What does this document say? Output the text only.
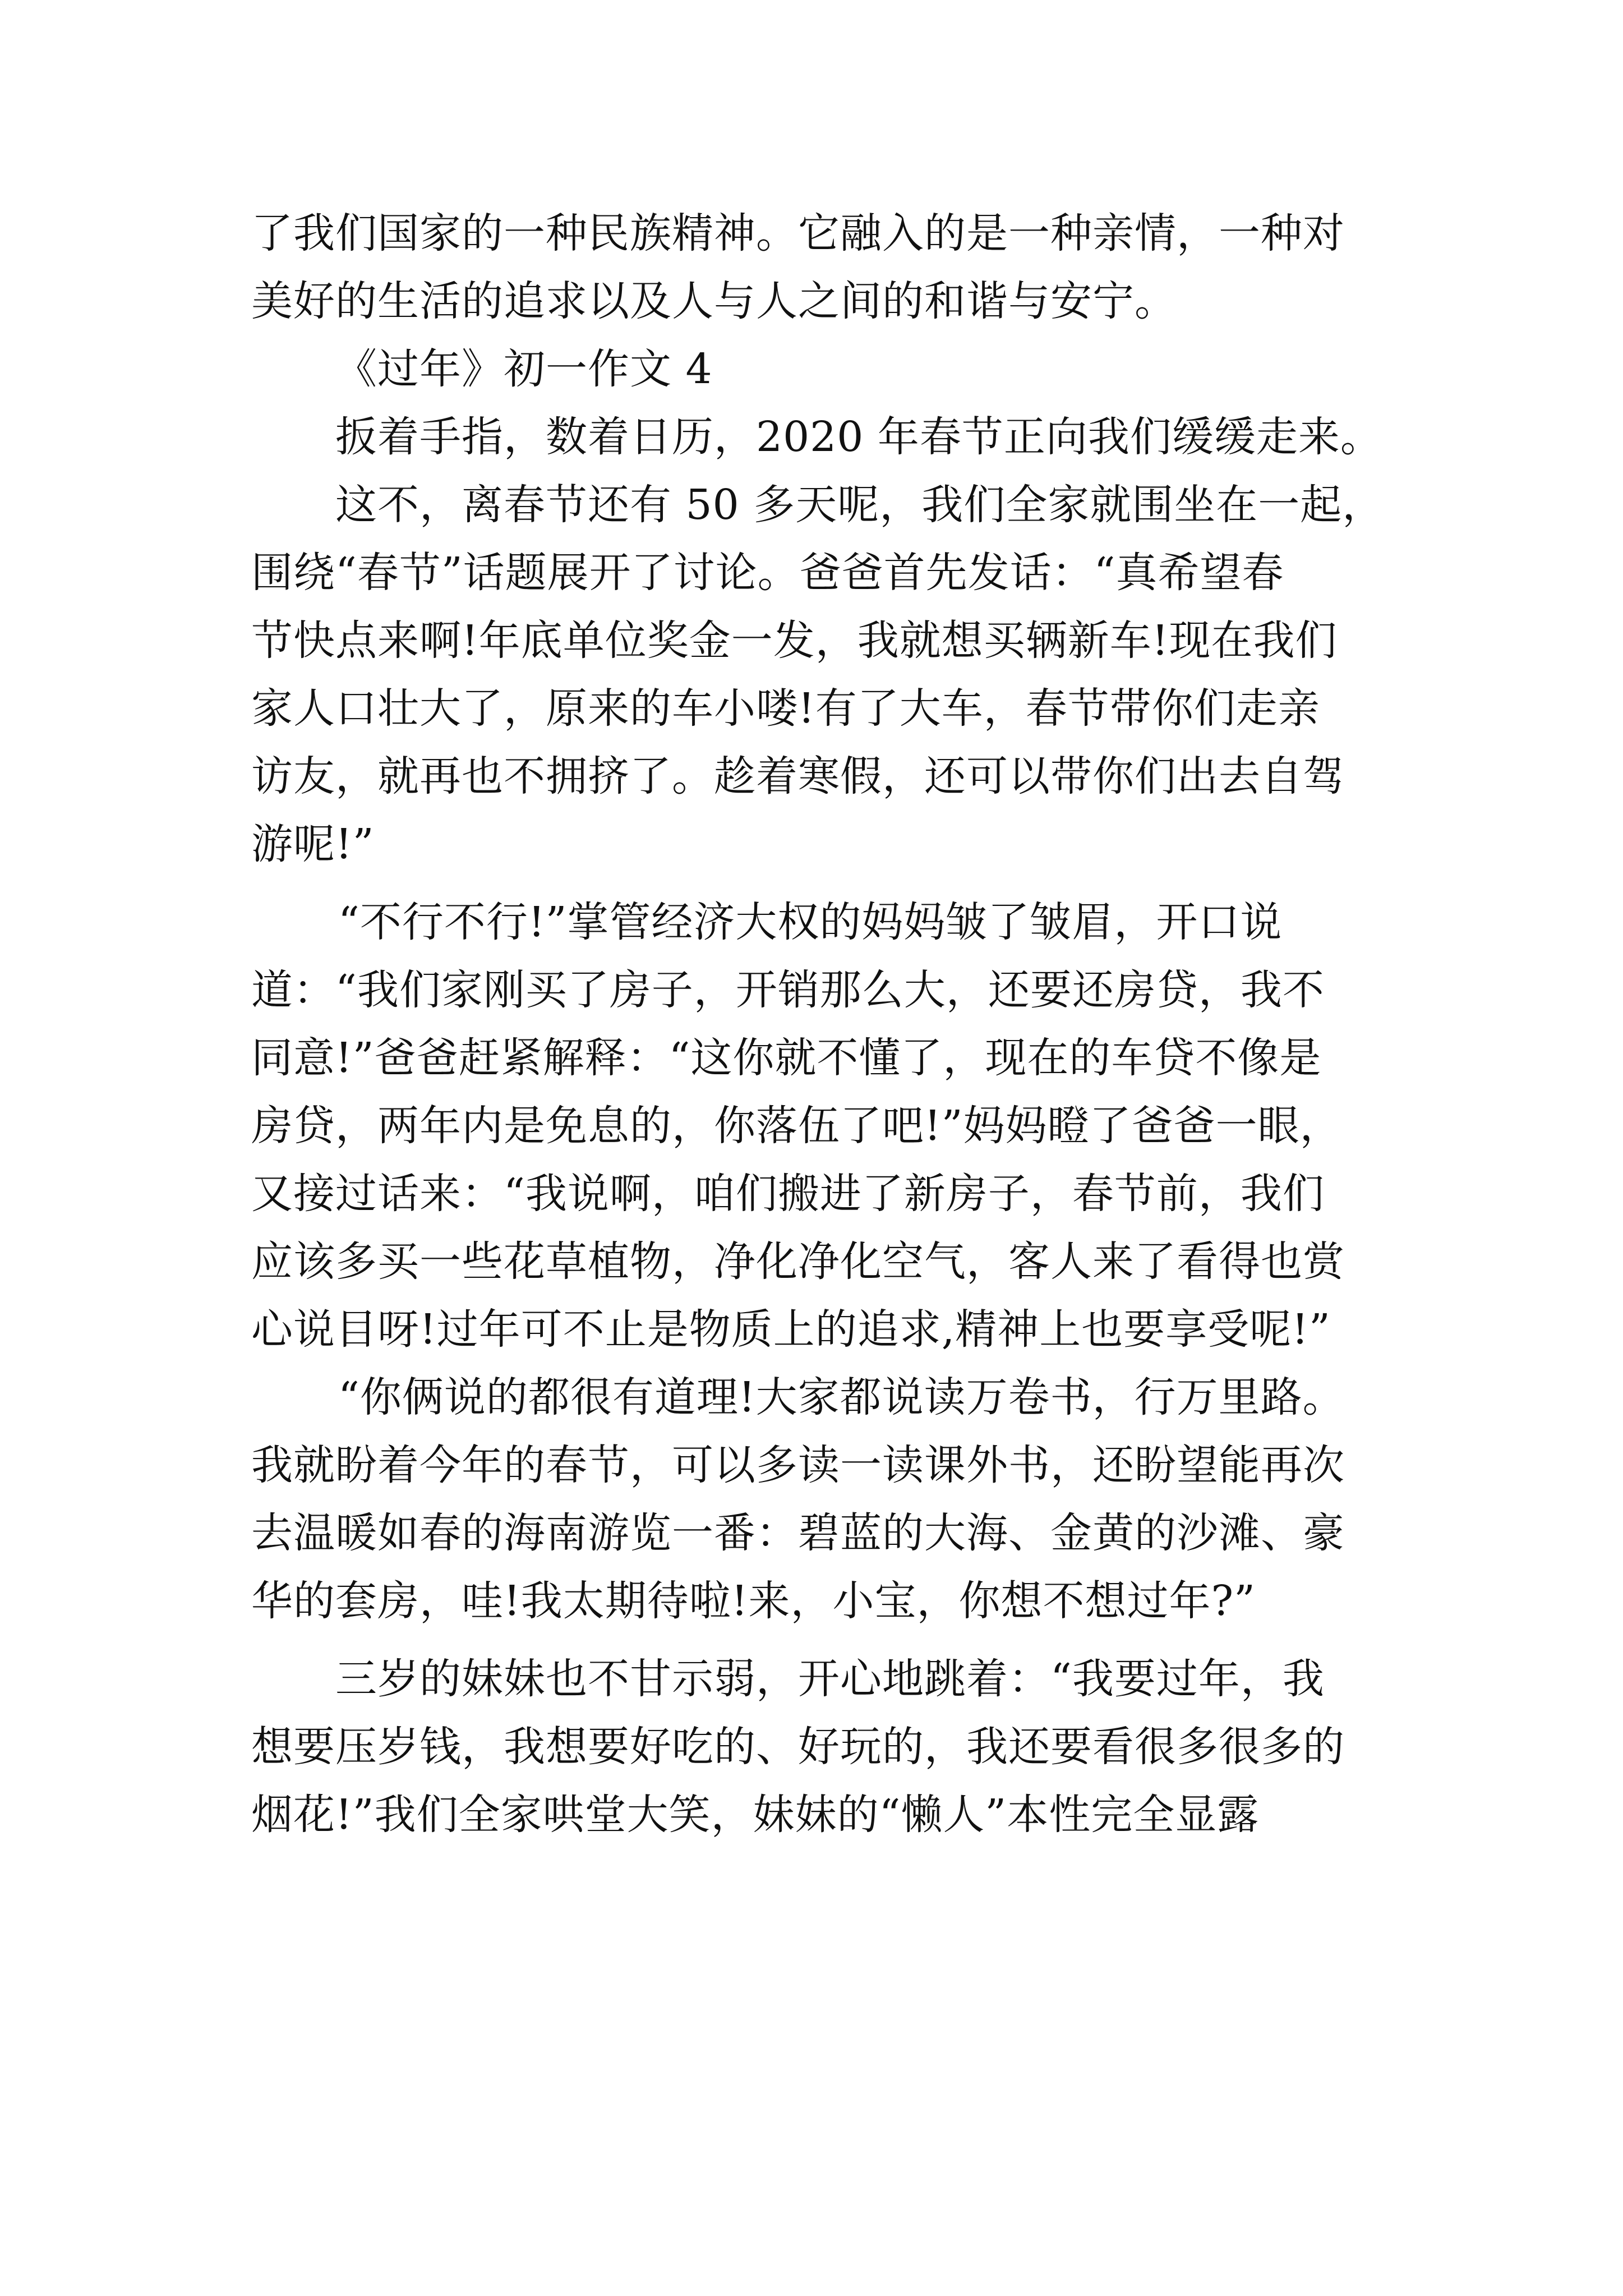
了我们国家的一种民族精神。它融入的是一种亲情，一种对
美好的生活的追求以及人与人之间的和谐与安宁。
《过年》初一作文 4
扳着手指，数着日历，2020 年春节正向我们缓缓走来。
这不，离春节还有 50 多天呢，我们全家就围坐在一起，
围绕“春节”话题展开了讨论。爸爸首先发话：“真希望春
节快点来啊!年底单位奖金一发，我就想买辆新车!现在我们
家人口壮大了，原来的车小喽!有了大车，春节带你们走亲
访友，就再也不拥挤了。趁着寒假，还可以带你们出去自驾
游呢!”
“不行不行!”掌管经济大权的妈妈皱了皱眉，开口说
道：“我们家刚买了房子，开销那么大，还要还房贷，我不
同意!”爸爸赶紧解释：“这你就不懂了，现在的车贷不像是
房贷，两年内是免息的，你落伍了吧!”妈妈瞪了爸爸一眼，
又接过话来：“我说啊，咱们搬进了新房子，春节前，我们
应该多买一些花草植物，净化净化空气，客人来了看得也赏
心说目呀!过年可不止是物质上的追求,精神上也要享受呢!”
“你俩说的都很有道理!大家都说读万卷书，行万里路。
我就盼着今年的春节，可以多读一读课外书，还盼望能再次
去温暖如春的海南游览一番：碧蓝的大海、金黄的沙滩、豪
华的套房，哇!我太期待啦!来，小宝，你想不想过年?”
三岁的妹妹也不甘示弱，开心地跳着：“我要过年，我
想要压岁钱，我想要好吃的、好玩的，我还要看很多很多的
烟花!”我们全家哄堂大笑，妹妹的“懒人”本性完全显露
